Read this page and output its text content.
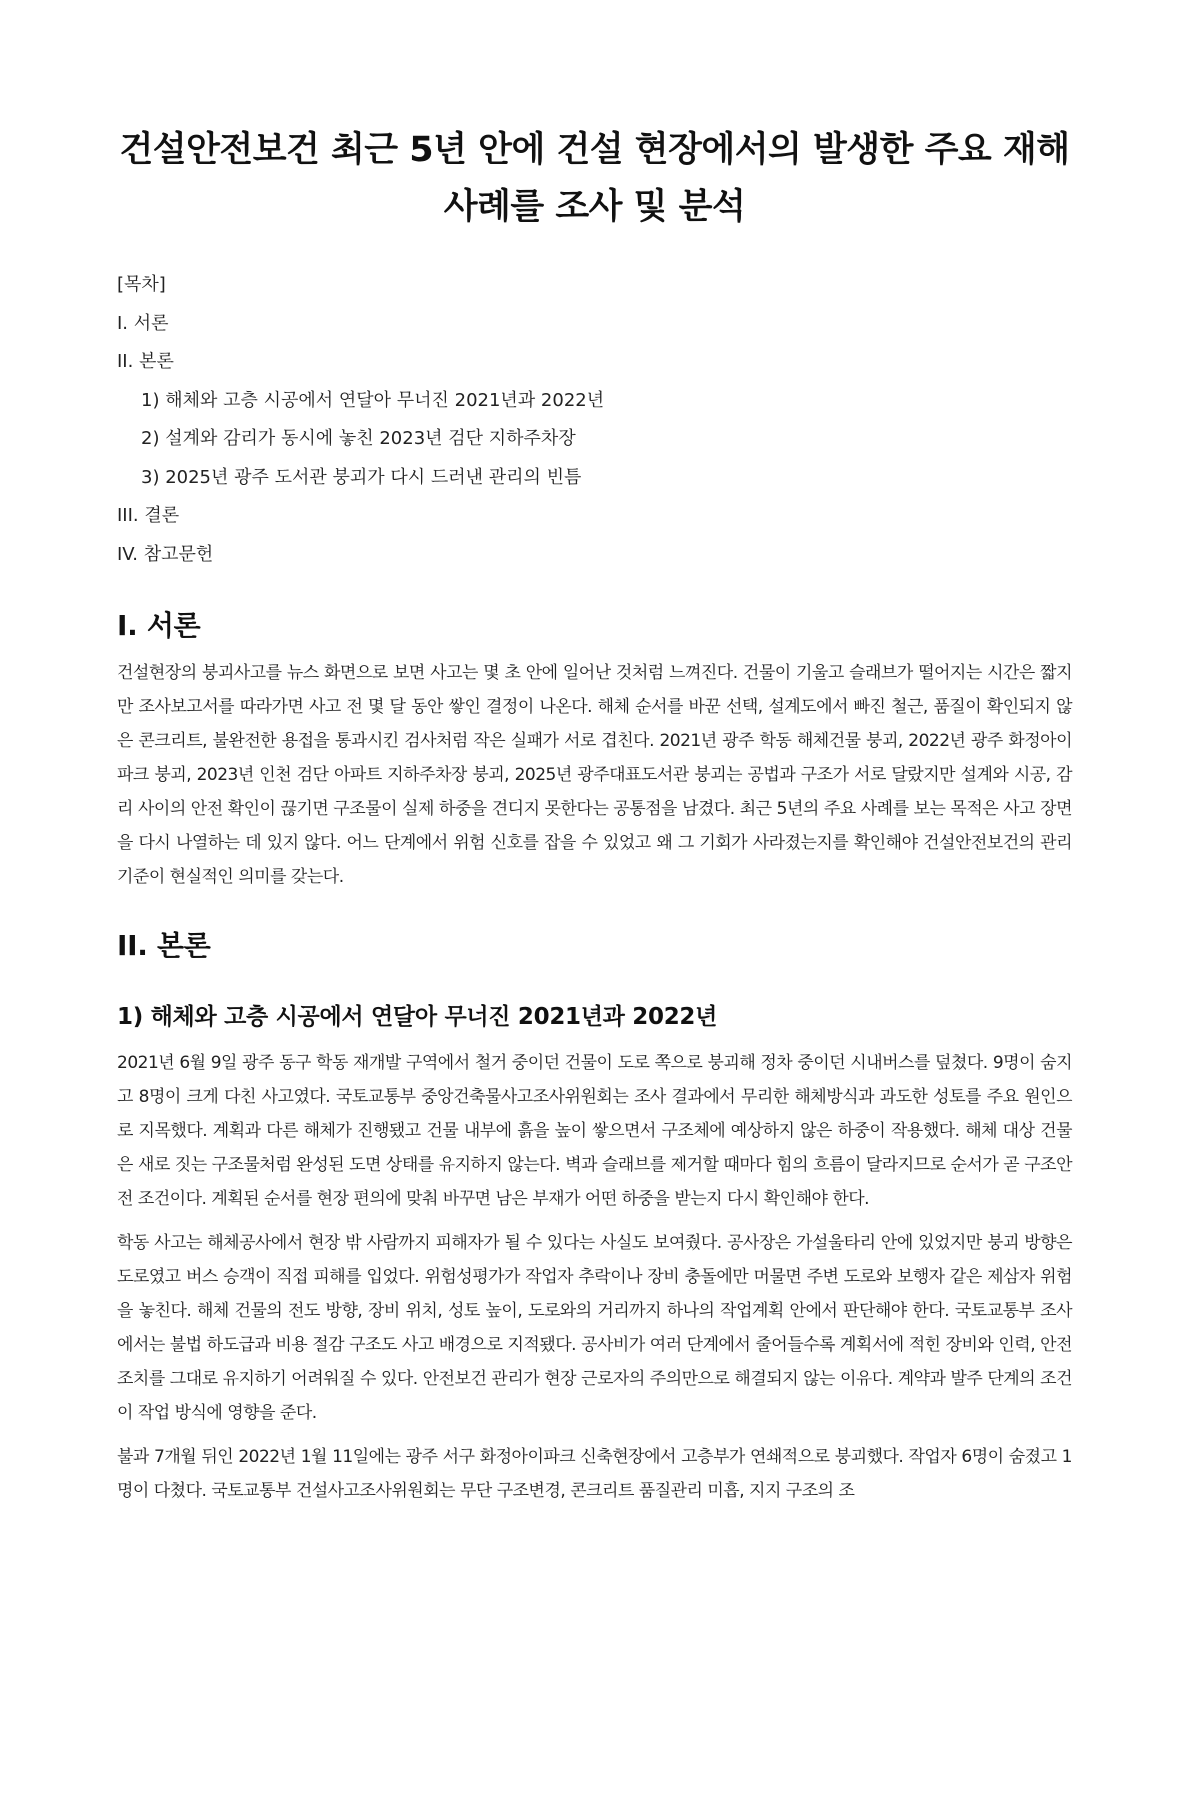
건설안전보건 최근 5년 안에 건설 현장에서의 발생한 주요 재해 사례를 조사 및 분석
[목차]
I. 서론
II. 본론
1) 해체와 고층 시공에서 연달아 무너진 2021년과 2022년
2) 설계와 감리가 동시에 놓친 2023년 검단 지하주차장
3) 2025년 광주 도서관 붕괴가 다시 드러낸 관리의 빈틈
III. 결론
IV. 참고문헌
I. 서론

건설현장의 붕괴사고를 뉴스 화면으로 보면 사고는 몇 초 안에 일어난 것처럼 느껴진다. 건물이 기울고 슬래브가 떨어지는 시간은 짧지만 조사보고서를 따라가면 사고 전 몇 달 동안 쌓인 결정이 나온다. 해체 순서를 바꾼 선택, 설계도에서 빠진 철근, 품질이 확인되지 않은 콘크리트, 불완전한 용접을 통과시킨 검사처럼 작은 실패가 서로 겹친다. 2021년 광주 학동 해체건물 붕괴, 2022년 광주 화정아이파크 붕괴, 2023년 인천 검단 아파트 지하주차장 붕괴, 2025년 광주대표도서관 붕괴는 공법과 구조가 서로 달랐지만 설계와 시공, 감리 사이의 안전 확인이 끊기면 구조물이 실제 하중을 견디지 못한다는 공통점을 남겼다. 최근 5년의 주요 사례를 보는 목적은 사고 장면을 다시 나열하는 데 있지 않다. 어느 단계에서 위험 신호를 잡을 수 있었고 왜 그 기회가 사라졌는지를 확인해야 건설안전보건의 관리 기준이 현실적인 의미를 갖는다.

II. 본론
1) 해체와 고층 시공에서 연달아 무너진 2021년과 2022년

2021년 6월 9일 광주 동구 학동 재개발 구역에서 철거 중이던 건물이 도로 쪽으로 붕괴해 정차 중이던 시내버스를 덮쳤다. 9명이 숨지고 8명이 크게 다친 사고였다. 국토교통부 중앙건축물사고조사위원회는 조사 결과에서 무리한 해체방식과 과도한 성토를 주요 원인으로 지목했다. 계획과 다른 해체가 진행됐고 건물 내부에 흙을 높이 쌓으면서 구조체에 예상하지 않은 하중이 작용했다. 해체 대상 건물은 새로 짓는 구조물처럼 완성된 도면 상태를 유지하지 않는다. 벽과 슬래브를 제거할 때마다 힘의 흐름이 달라지므로 순서가 곧 구조안전 조건이다. 계획된 순서를 현장 편의에 맞춰 바꾸면 남은 부재가 어떤 하중을 받는지 다시 확인해야 한다.

학동 사고는 해체공사에서 현장 밖 사람까지 피해자가 될 수 있다는 사실도 보여줬다. 공사장은 가설울타리 안에 있었지만 붕괴 방향은 도로였고 버스 승객이 직접 피해를 입었다. 위험성평가가 작업자 추락이나 장비 충돌에만 머물면 주변 도로와 보행자 같은 제삼자 위험을 놓친다. 해체 건물의 전도 방향, 장비 위치, 성토 높이, 도로와의 거리까지 하나의 작업계획 안에서 판단해야 한다. 국토교통부 조사에서는 불법 하도급과 비용 절감 구조도 사고 배경으로 지적됐다. 공사비가 여러 단계에서 줄어들수록 계획서에 적힌 장비와 인력, 안전조치를 그대로 유지하기 어려워질 수 있다. 안전보건 관리가 현장 근로자의 주의만으로 해결되지 않는 이유다. 계약과 발주 단계의 조건이 작업 방식에 영향을 준다.

불과 7개월 뒤인 2022년 1월 11일에는 광주 서구 화정아이파크 신축현장에서 고층부가 연쇄적으로 붕괴했다. 작업자 6명이 숨졌고 1명이 다쳤다. 국토교통부 건설사고조사위원회는 무단 구조변경, 콘크리트 품질관리 미흡, 지지 구조의 조
